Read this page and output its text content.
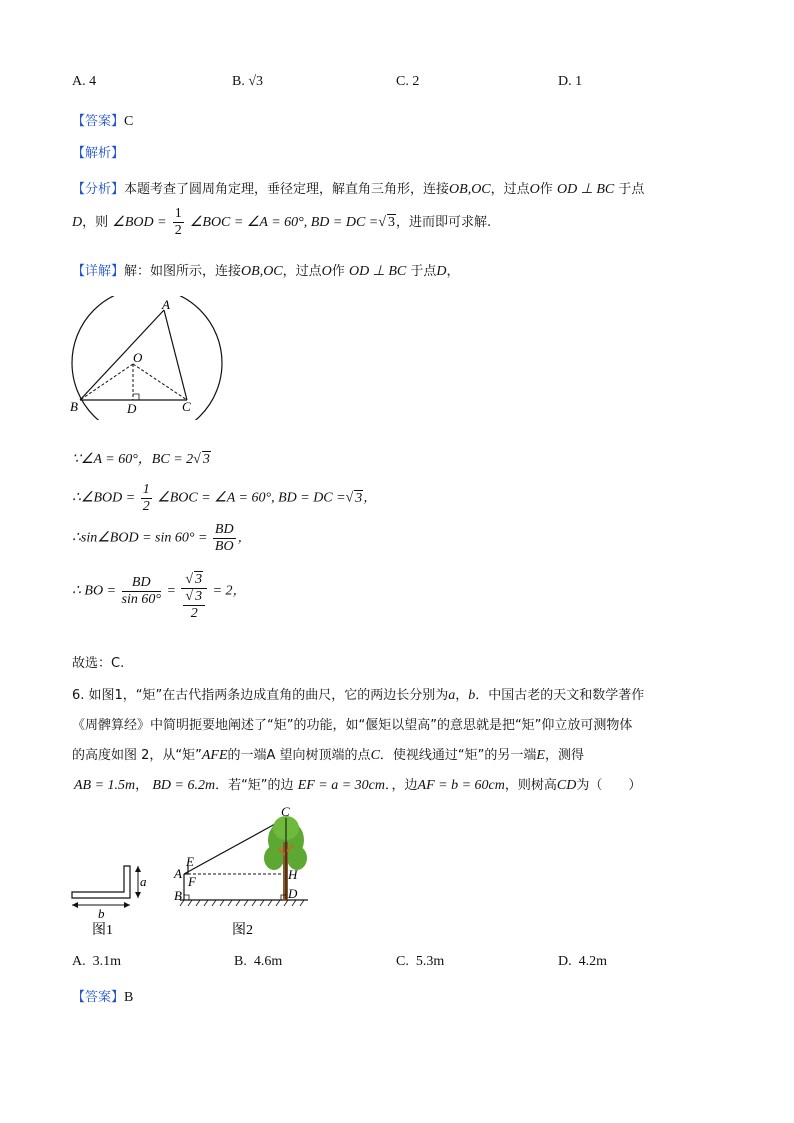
A. 4	B. √3	C. 2	D. 1
【答案】C
【解析】
【分析】本题考查了圆周角定理，垂径定理，解直角三角形，连接OB,OC，过点O作 OD ⊥ BC 于点
D，则 ∠BOD = $\frac{1}{2}$ ∠BOC = ∠A = 60°, BD = DC =√ 3，进而即可求解.
【详解】解：如图所示，连接OB,OC，过点O作 OD ⊥ BC 于点D，
A
O
B	D	C
∵∠A = 60°，BC = 2√ 3
∴∠BOD = $\frac{1}{2}$ ∠BOC = ∠A = 60°, BD = DC =√ 3，
∴sin∠BOD = $\sin 60^\circ = \frac{BD}{BO}$ ，
∴ BO = $\frac{BD}{\sin 60^\circ} = \frac{√ 3}{\frac{√ 3}{2}} = 2$，
故选：C.
6. 如图1，“矩”在古代指两条边成直角的曲尺，它的两边长分别为a，b．中国古老的天文和数学著作
《周髀算经》中简明扼要地阐述了“矩”的功能，如“偃矩以望高”的意思就是把“矩”仰立放可测物体
的高度如图 2，从“矩”AFE的一端A 望向树顶端的点C．使视线通过“矩”的另一端E，测得
AB = 1.5m， BD = 6.2m．若“矩”的边 EF = a = 30cm．，边AF = b = 60cm，则树高CD为（　　）
a
b
图1
C
E
A
F
B
H
D
图2
A. 3.1m	B. 4.6m	C. 5.3m	D. 4.2m
【答案】B
